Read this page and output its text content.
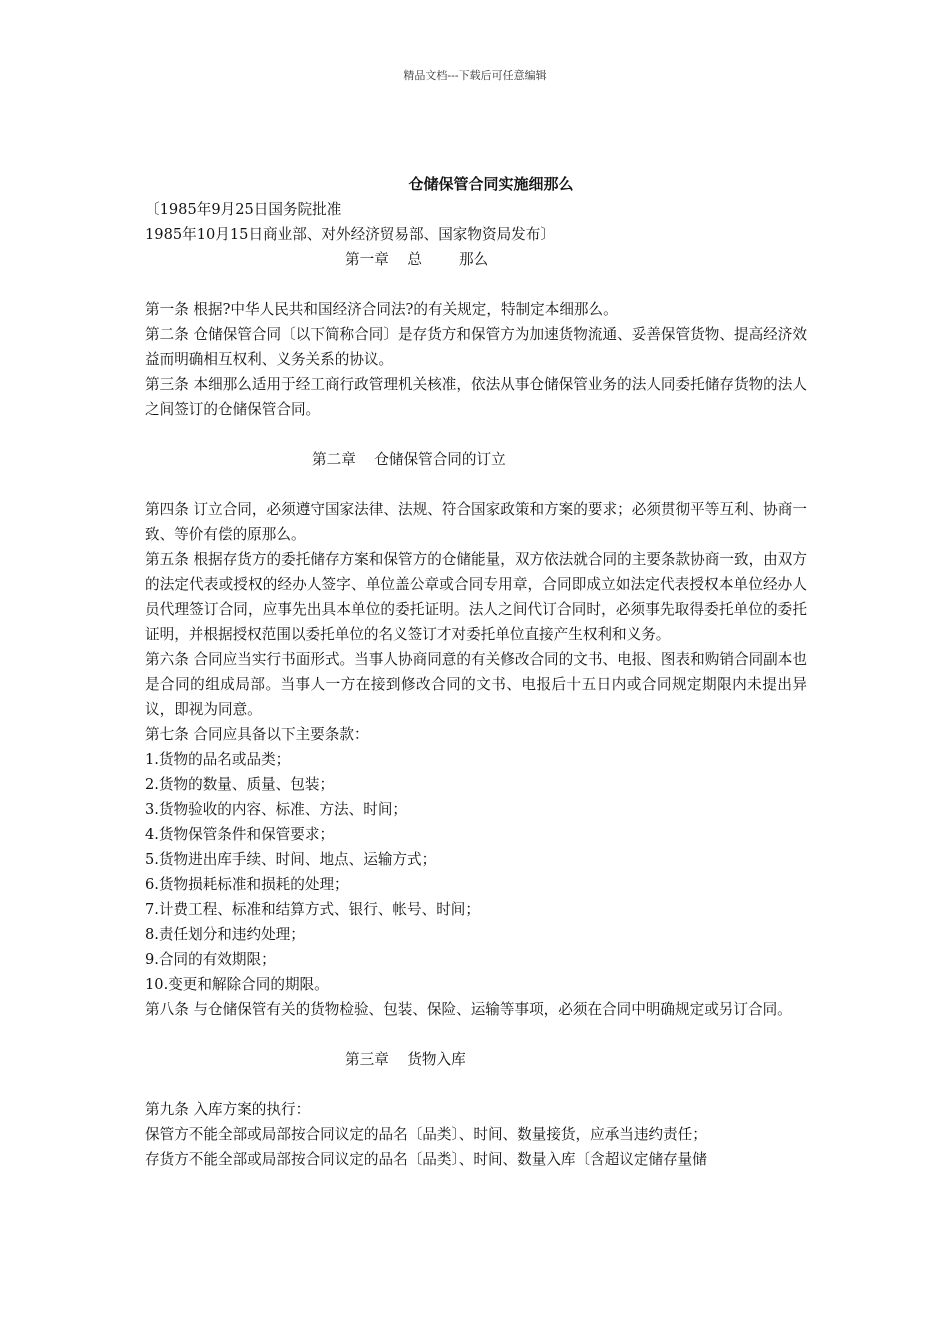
精品文档---下载后可任意编辑

仓储保管合同实施细那么

〔1985年9月25日国务院批准

1985年10月15日商业部、对外经济贸易部、国家物资局发布〕

第一章    总        那么

第一条 根据?中华人民共和国经济合同法?的有关规定，特制定本细那么。

第二条 仓储保管合同〔以下简称合同〕是存货方和保管方为加速货物流通、妥善保管货物、提高经济效益而明确相互权利、义务关系的协议。

第三条 本细那么适用于经工商行政管理机关核准，依法从事仓储保管业务的法人同委托储存货物的法人之间签订的仓储保管合同。

第二章    仓储保管合同的订立

第四条 订立合同，必须遵守国家法律、法规、符合国家政策和方案的要求；必须贯彻平等互利、协商一致、等价有偿的原那么。

第五条 根据存货方的委托储存方案和保管方的仓储能量，双方依法就合同的主要条款协商一致，由双方的法定代表或授权的经办人签字、单位盖公章或合同专用章，合同即成立如法定代表授权本单位经办人员代理签订合同，应事先出具本单位的委托证明。法人之间代订合同时，必须事先取得委托单位的委托证明，并根据授权范围以委托单位的名义签订才对委托单位直接产生权利和义务。

第六条 合同应当实行书面形式。当事人协商同意的有关修改合同的文书、电报、图表和购销合同副本也是合同的组成局部。当事人一方在接到修改合同的文书、电报后十五日内或合同规定期限内未提出异议，即视为同意。

第七条 合同应具备以下主要条款：

1.货物的品名或品类；

2.货物的数量、质量、包装；

3.货物验收的内容、标准、方法、时间；

4.货物保管条件和保管要求；

5.货物进出库手续、时间、地点、运输方式；

6.货物损耗标准和损耗的处理；

7.计费工程、标准和结算方式、银行、帐号、时间；

8.责任划分和违约处理；

9.合同的有效期限；

10.变更和解除合同的期限。

第八条 与仓储保管有关的货物检验、包装、保险、运输等事项，必须在合同中明确规定或另订合同。

第三章    货物入库

第九条 入库方案的执行：

保管方不能全部或局部按合同议定的品名〔品类〕、时间、数量接货，应承当违约责任；

存货方不能全部或局部按合同议定的品名〔品类〕、时间、数量入库〔含超议定储存量储
